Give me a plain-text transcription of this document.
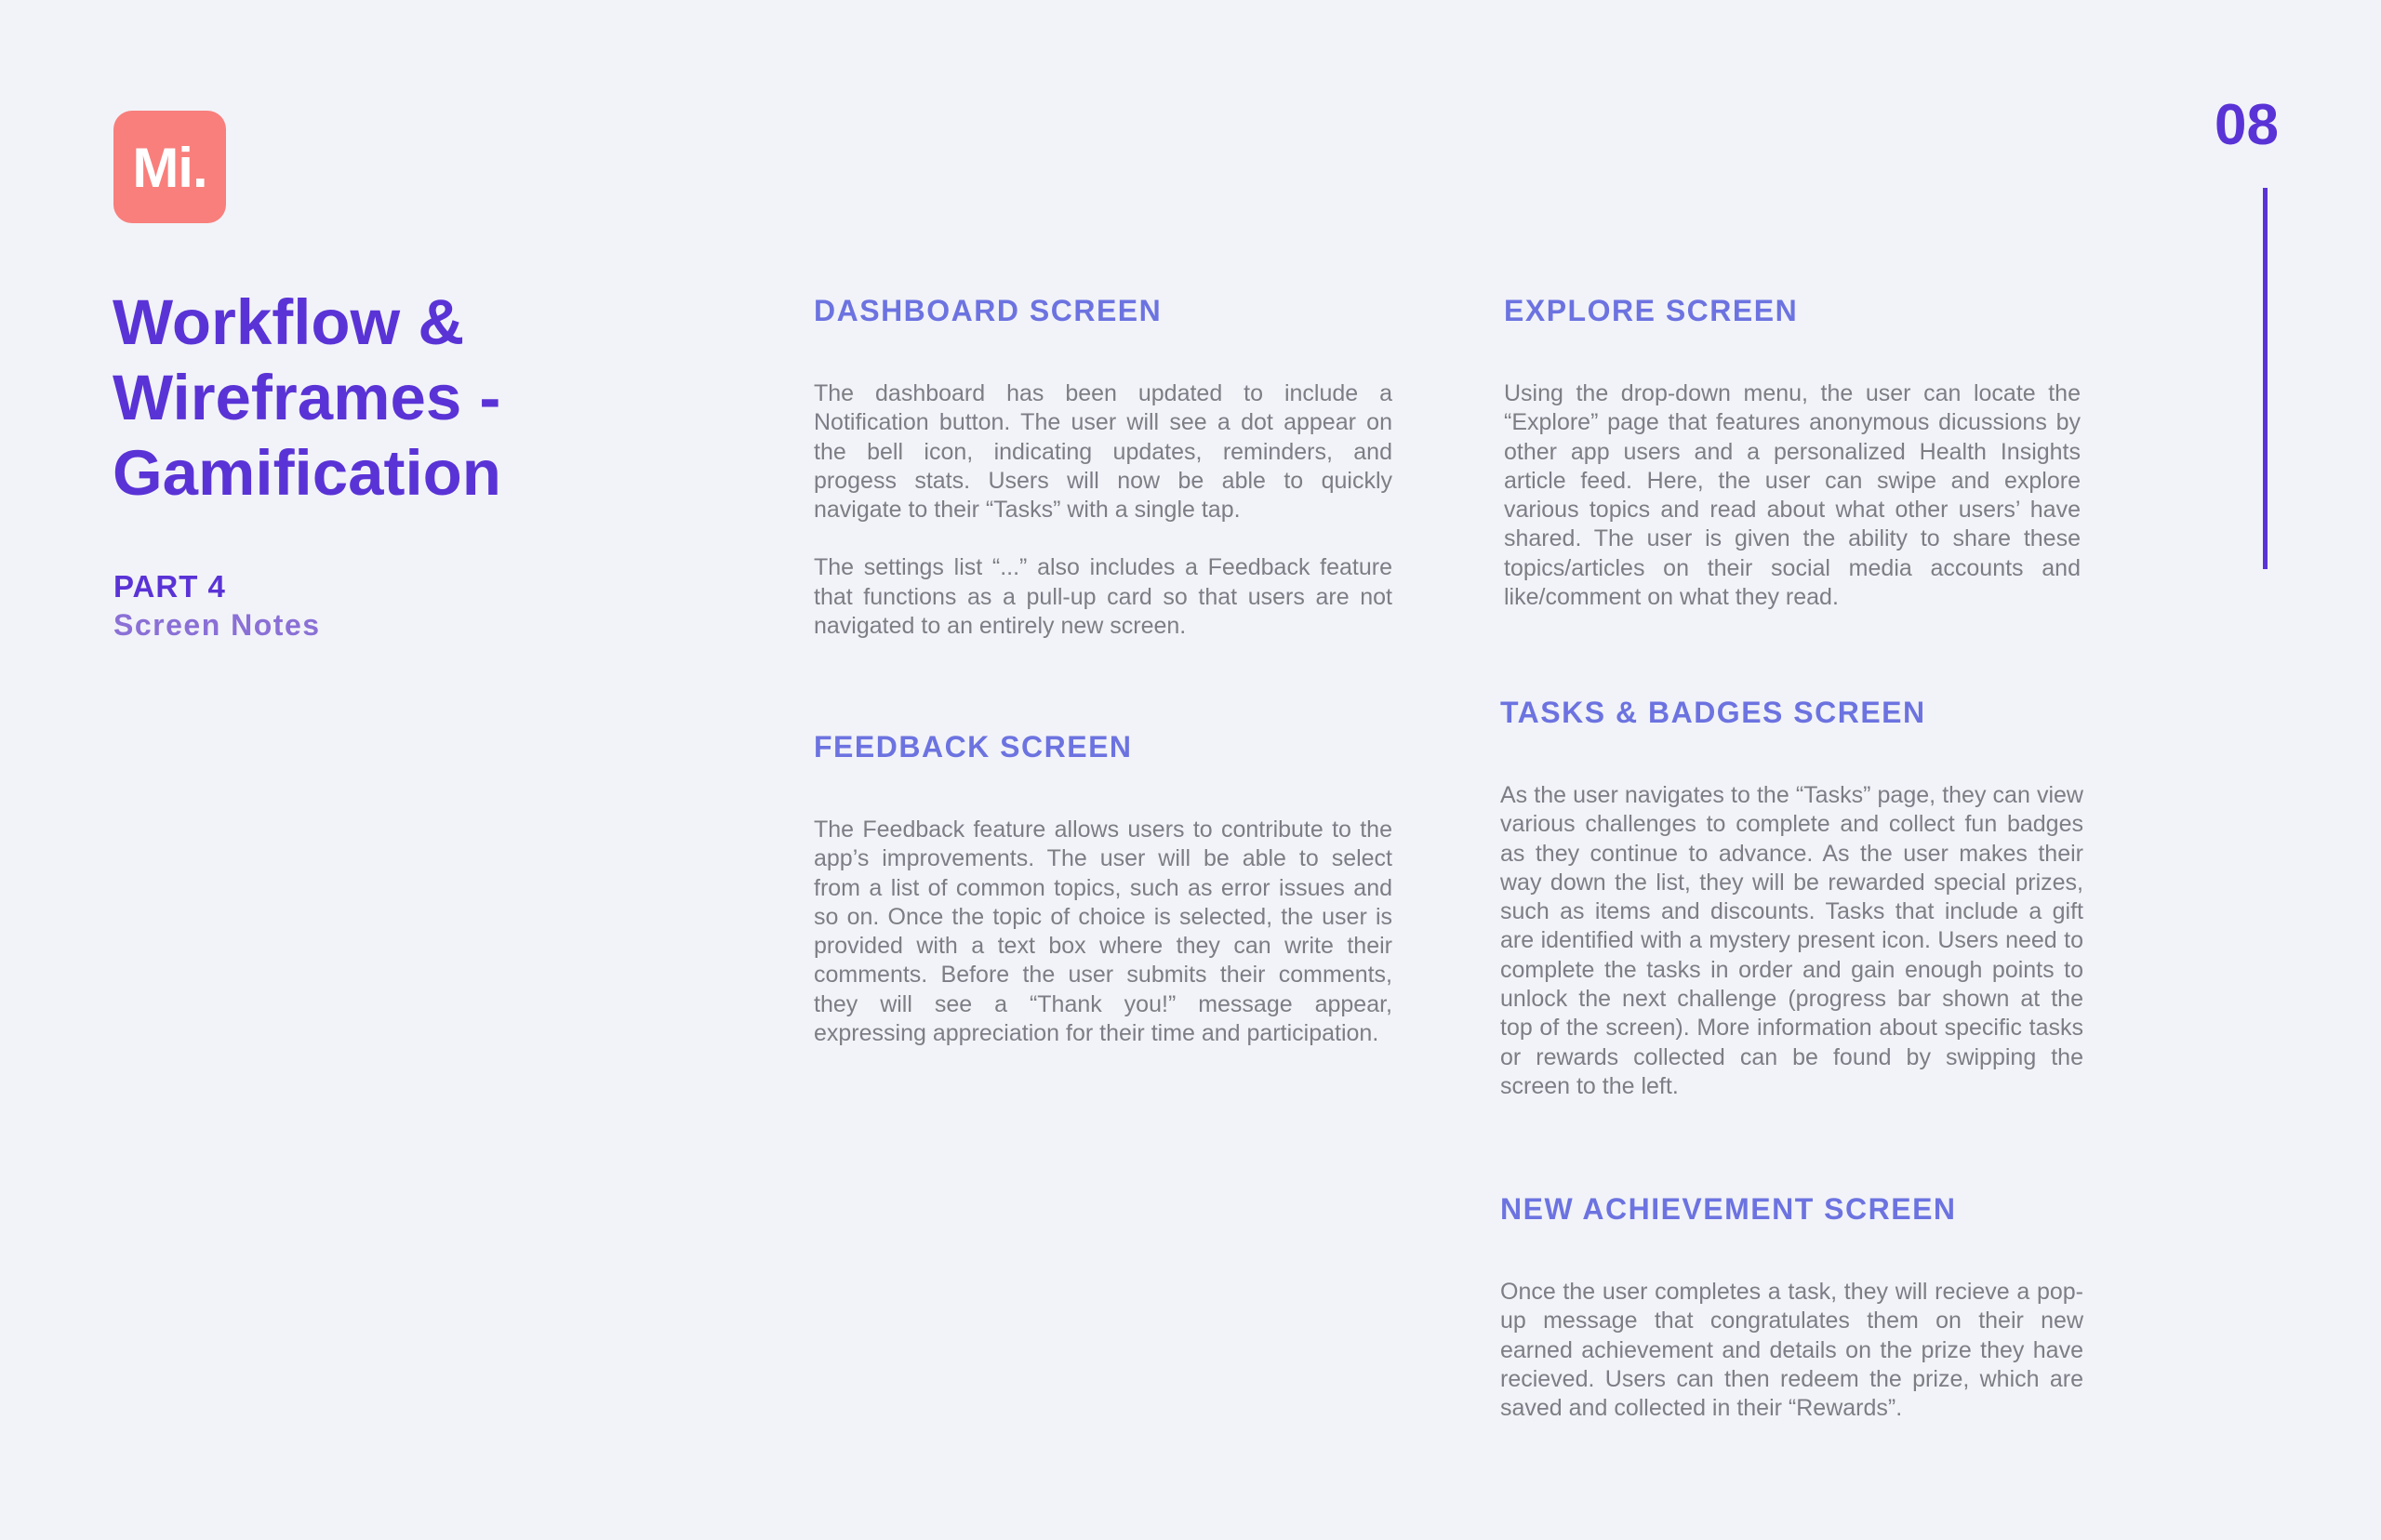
Mi.
08
Workflow & Wireframes - Gamification
PART 4
Screen Notes
DASHBOARD SCREEN

The dashboard has been updated to include a Notification button. The user will see a dot appear on the bell icon, indicating updates, reminders, and progess stats. Users will now be able to quickly navigate to their “Tasks” with a single tap.

The settings list “...” also includes a Feedback feature that functions as a pull-up card so that users are not navigated to an entirely new screen.

FEEDBACK SCREEN

The Feedback feature allows users to contribute to the app’s improvements. The user will be able to select from a list of common topics, such as error issues and so on. Once the topic of choice is selected, the user is provided with a text box where they can write their comments. Before the user submits their comments, they will see a “Thank you!” message appear, expressing appreciation for their time and participation.

EXPLORE SCREEN

Using the drop-down menu, the user can locate the “Explore” page that features anonymous dicussions by other app users and a personalized Health Insights article feed. Here, the user can swipe and explore various topics and read about what other users’ have shared. The user is given the ability to share these topics/articles on their social media accounts and like/comment on what they read.

TASKS & BADGES SCREEN

As the user navigates to the “Tasks” page, they can view various challenges to complete and collect fun badges as they continue to advance. As the user makes their way down the list, they will be rewarded special prizes, such as items and discounts. Tasks that include a gift are identified with a mystery present icon. Users need to complete the tasks in order and gain enough points to unlock the next challenge (progress bar shown at the top of the screen). More information about specific tasks or rewards collected can be found by swipping the screen to the left.

NEW ACHIEVEMENT SCREEN

Once the user completes a task, they will recieve a pop-up message that congratulates them on their new earned achievement and details on the prize they have recieved. Users can then redeem the prize, which are saved and collected in their “Rewards”.
